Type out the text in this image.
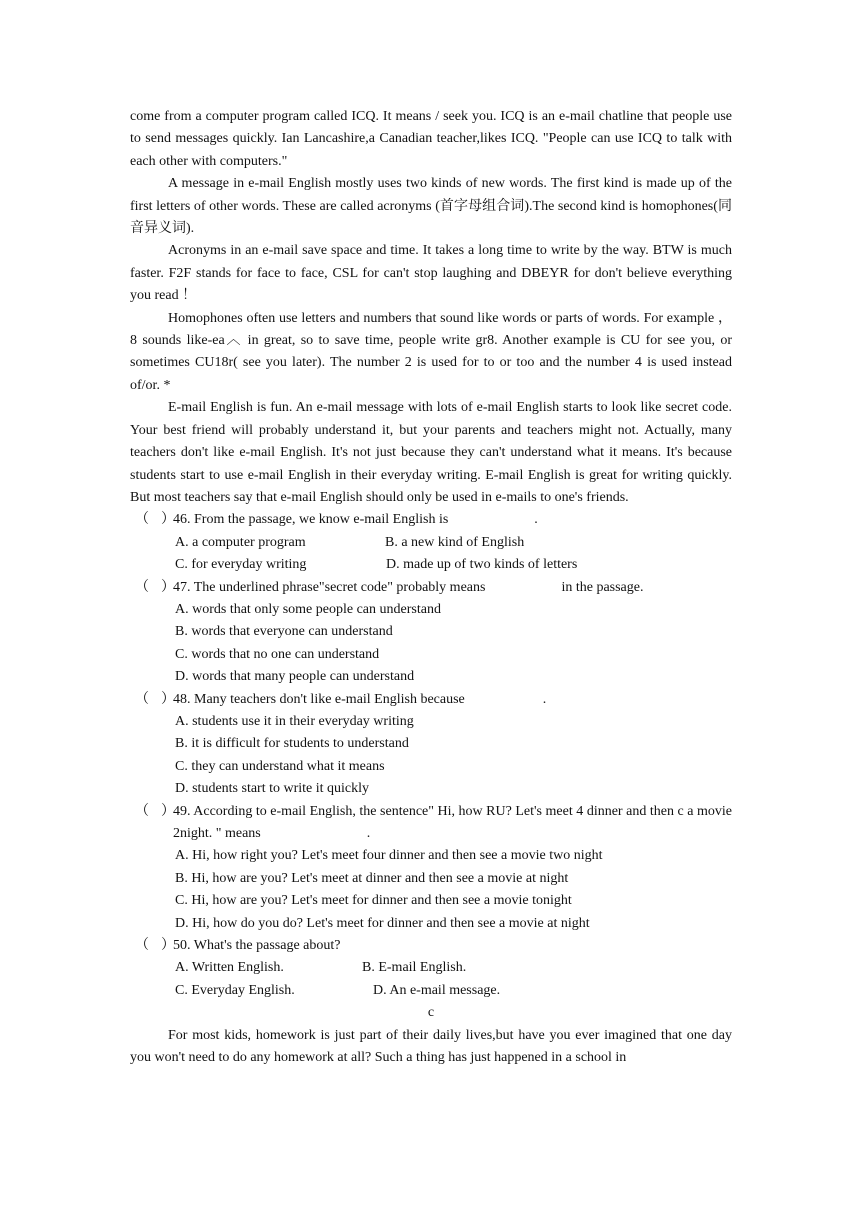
come from a computer program called ICQ. It means / seek you. ICQ is an e-mail chatline that people use to send messages quickly. Ian Lancashire,a Canadian teacher,likes ICQ. "People can use ICQ to talk with each other with computers."

A message in e-mail English mostly uses two kinds of new words. The first kind is made up of the first letters of other words. These are called acronyms (首字母组合词).The second kind is homophones(同音异义词).

Acronyms in an e-mail save space and time. It takes a long time to write by the way. BTW is much faster. F2F stands for face to face, CSL for can't stop laughing and DBEYR for don't believe everything you read ！

Homophones often use letters and numbers that sound like words or parts of words. For example ， 8 sounds like-ea︿ in great, so to save time, people write gr8. Another example is CU for see you, or sometimes CU18r( see you later). The number 2 is used for to or too and the number 4 is used instead of/or. *

E-mail English is fun. An e-mail message with lots of e-mail English starts to look like secret code. Your best friend will probably understand it, but your parents and teachers might not. Actually, many teachers don't like e-mail English. It's not just because they can't understand what it means. It's because students start to use e-mail English in their everyday writing. E-mail English is great for writing quickly. But most teachers say that e-mail English should only be used in e-mails to one's friends.

（）
46. From the passage, we know e-mail English is	.
A. a computer program	B. a new kind of English
C. for everyday writing	D. made up of two kinds of letters
（）
47. The underlined phrase"secret code" probably means	in the passage.
A. words that only some people can understand
B. words that everyone can understand
C. words that no one can understand
D. words that many people can understand
（）
48. Many teachers don't like e-mail English because	.
A. students use it in their everyday writing
B. it is difficult for students to understand
C. they can understand what it means
D. students start to write it quickly
（）
49. According to e-mail English, the sentence" Hi, how RU? Let's meet 4 dinner and then c a movie 2night. " means	.
A. Hi, how right you? Let's meet four dinner and then see a movie two night
B. Hi, how are you? Let's meet at dinner and then see a movie at night
C. Hi, how are you? Let's meet for dinner and then see a movie tonight
D. Hi, how do you do? Let's meet for dinner and then see a movie at night
（）
50. What's the passage about?
A. Written English.	B. E-mail English.
C. Everyday English.	D. An e-mail message.

c

For most kids, homework is just part of their daily lives,but have you ever imagined that one day you won't need to do any homework at all? Such a thing has just happened in a school in
